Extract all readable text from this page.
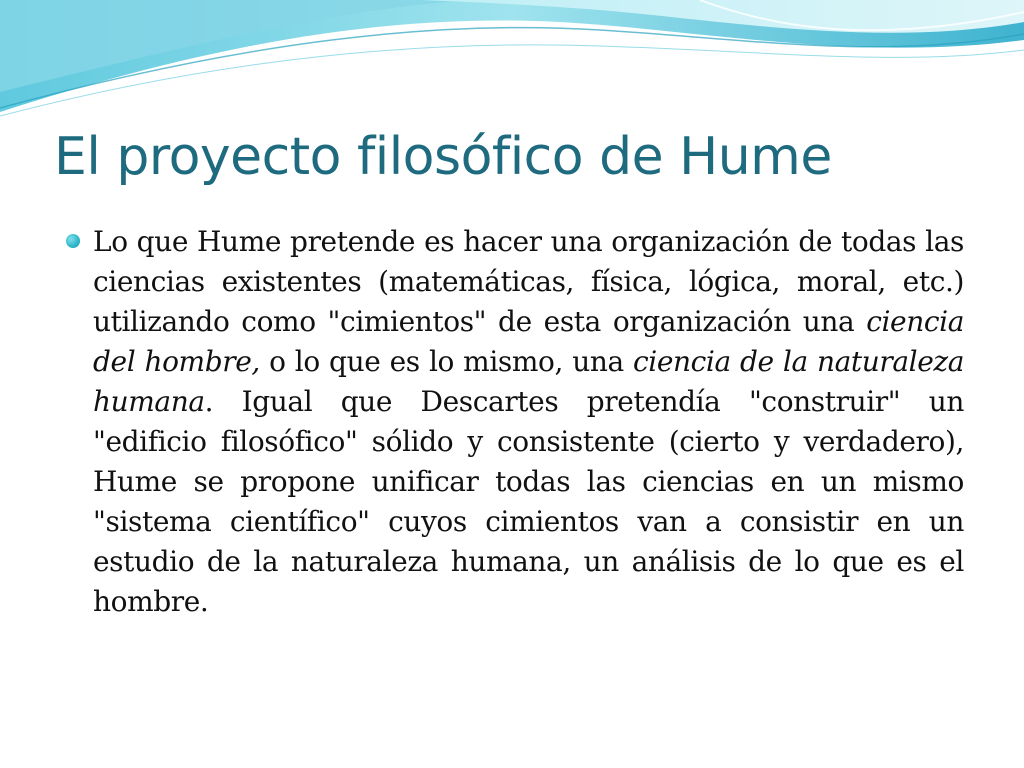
El proyecto filosófico de Hume

Lo que Hume pretende es hacer una organización de todas las ciencias existentes (matemáticas, física, lógica, moral, etc.) utilizando como "cimientos" de esta organización una ciencia del hombre, o lo que es lo mismo, una ciencia de la naturaleza humana. Igual que Descartes pretendía "construir" un "edificio filosófico" sólido y consistente (cierto y verdadero), Hume se propone unificar todas las ciencias en un mismo "sistema científico" cuyos cimientos van a consistir en un estudio de la naturaleza humana, un análisis de lo que es el hombre.
